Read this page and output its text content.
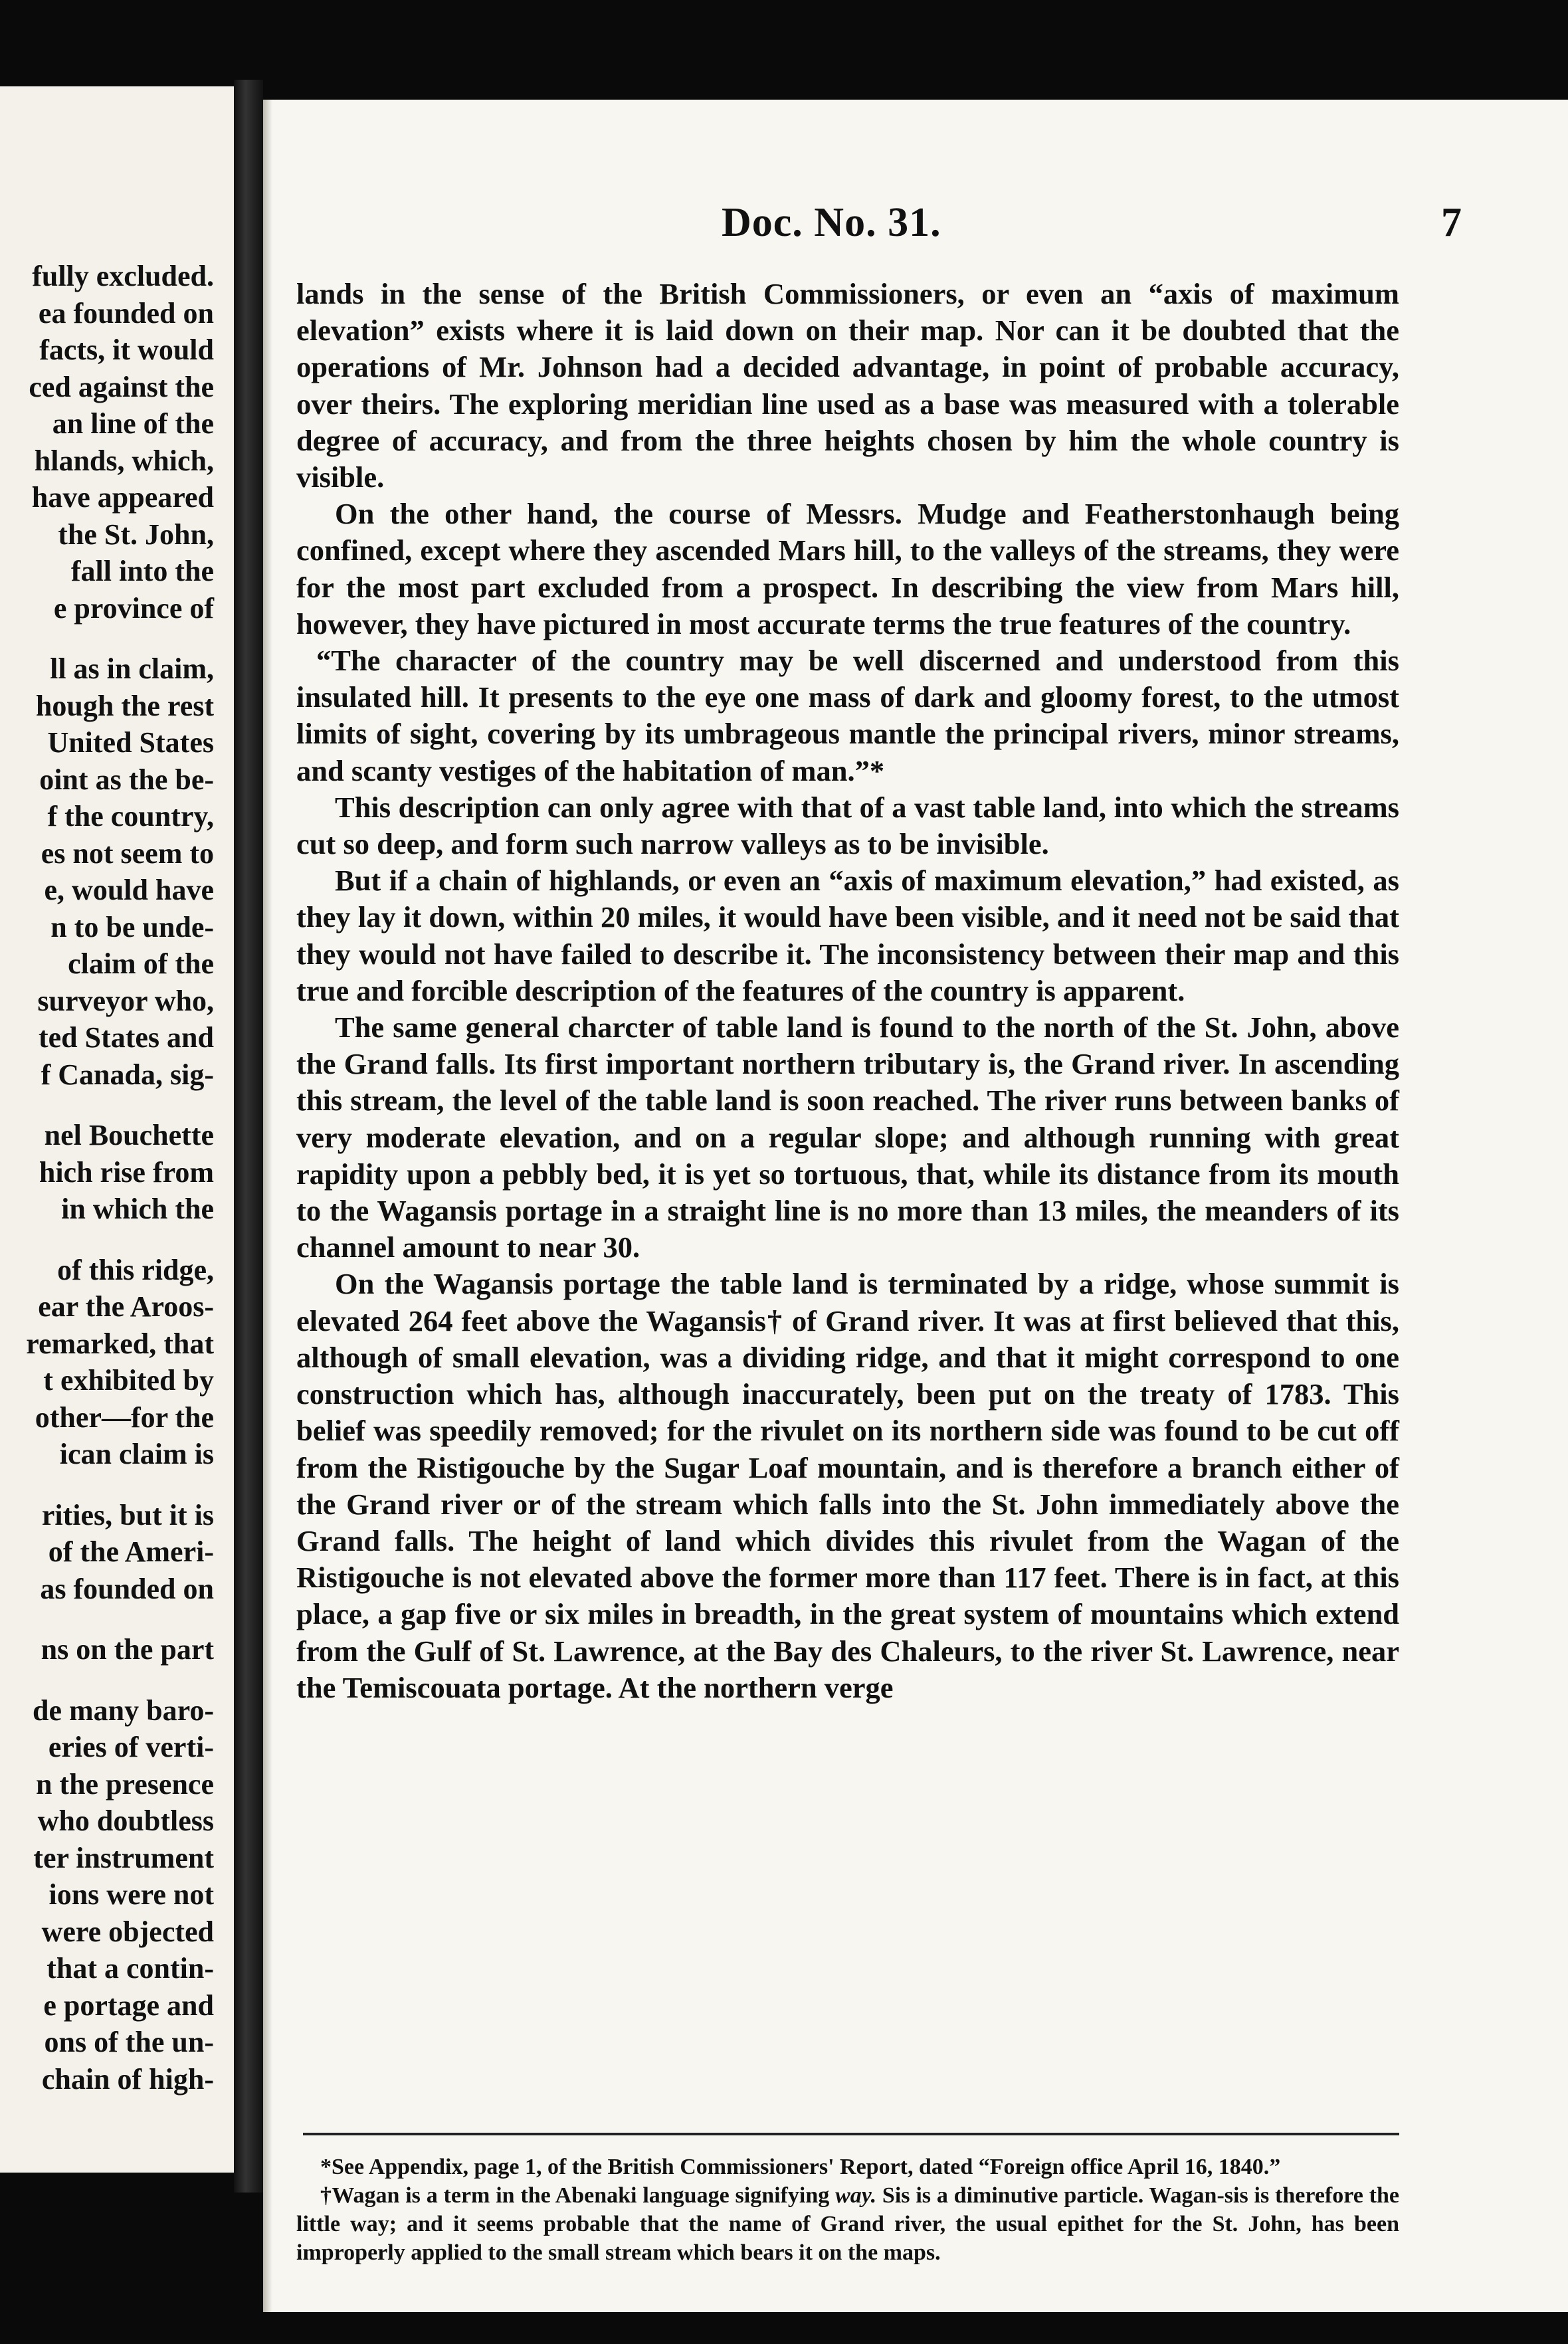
fully excluded.
ea founded on
facts, it would
ced against the
an line of the
hlands, which,
have appeared
the St. John,
fall into the
e province of
ll as in claim,
hough the rest
United States
oint as the be-
f the country,
es not seem to
e, would have
n to be unde-
claim of the
surveyor who,
ted States and
f Canada, sig-
nel Bouchette
hich rise from
in which the
of this ridge,
ear the Aroos-
remarked, that
t exhibited by
other—for the
ican claim is
rities, but it is
of the Ameri-
as founded on
ns on the part
de many baro-
eries of verti-
n the presence
who doubtless
ter instrument
ions were not
were objected
that a contin-
e portage and
ons of the un-
chain of high-
Doc. No. 31.	7

lands in the sense of the British Commissioners, or even an “axis of maximum elevation” exists where it is laid down on their map. Nor can it be doubted that the operations of Mr. Johnson had a decided advantage, in point of probable accuracy, over theirs. The exploring meridian line used as a base was measured with a tolerable degree of accuracy, and from the three heights chosen by him the whole country is visible.

On the other hand, the course of Messrs. Mudge and Featherstonhaugh being confined, except where they ascended Mars hill, to the valleys of the streams, they were for the most part excluded from a prospect. In describing the view from Mars hill, however, they have pictured in most accurate terms the true features of the country.

“The character of the country may be well discerned and understood from this insulated hill. It presents to the eye one mass of dark and gloomy forest, to the utmost limits of sight, covering by its umbrageous mantle the principal rivers, minor streams, and scanty vestiges of the habitation of man.”*

This description can only agree with that of a vast table land, into which the streams cut so deep, and form such narrow valleys as to be invisible.

But if a chain of highlands, or even an “axis of maximum elevation,” had existed, as they lay it down, within 20 miles, it would have been visible, and it need not be said that they would not have failed to describe it. The inconsistency between their map and this true and forcible description of the features of the country is apparent.

The same general charcter of table land is found to the north of the St. John, above the Grand falls. Its first important northern tributary is, the Grand river. In ascending this stream, the level of the table land is soon reached. The river runs between banks of very moderate elevation, and on a regular slope; and although running with great rapidity upon a pebbly bed, it is yet so tortuous, that, while its distance from its mouth to the Wagansis portage in a straight line is no more than 13 miles, the meanders of its channel amount to near 30.

On the Wagansis portage the table land is terminated by a ridge, whose summit is elevated 264 feet above the Wagansis† of Grand river. It was at first believed that this, although of small elevation, was a dividing ridge, and that it might correspond to one construction which has, although inaccurately, been put on the treaty of 1783. This belief was speedily removed; for the rivulet on its northern side was found to be cut off from the Ristigouche by the Sugar Loaf mountain, and is therefore a branch either of the Grand river or of the stream which falls into the St. John immediately above the Grand falls. The height of land which divides this rivulet from the Wagan of the Ristigouche is not elevated above the former more than 117 feet. There is in fact, at this place, a gap five or six miles in breadth, in the great system of mountains which extend from the Gulf of St. Lawrence, at the Bay des Chaleurs, to the river St. Lawrence, near the Temiscouata portage. At the northern verge

*See Appendix, page 1, of the British Commissioners' Report, dated “Foreign office April 16, 1840.”

†Wagan is a term in the Abenaki language signifying way. Sis is a diminutive particle. Wagan-sis is therefore the little way; and it seems probable that the name of Grand river, the usual epithet for the St. John, has been improperly applied to the small stream which bears it on the maps.
